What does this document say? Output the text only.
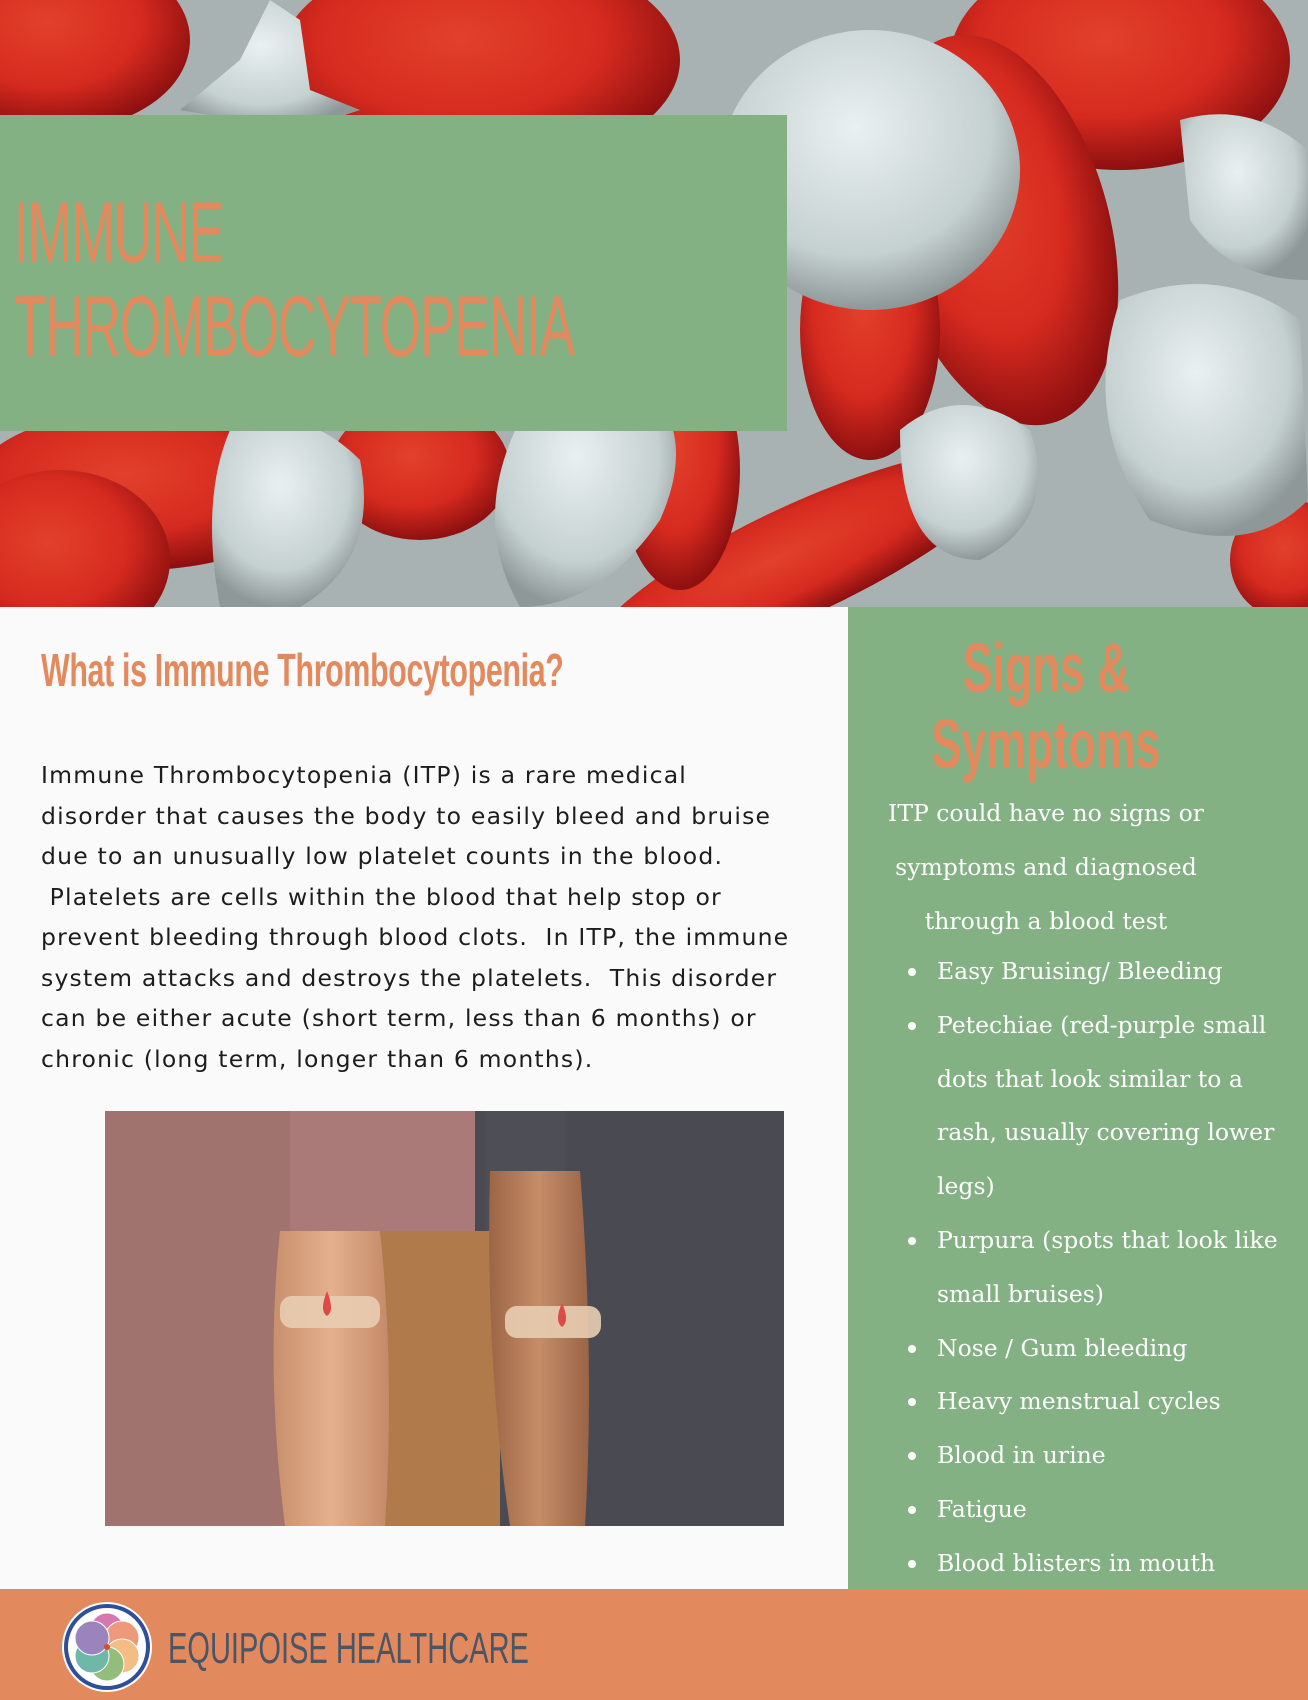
IMMUNE
THROMBOCYTOPENIA
What is Immune Thrombocytopenia?
Immune Thrombocytopenia (ITP) is a rare medical
disorder that causes the body to easily bleed and bruise
due to an unusually low platelet counts in the blood.
Platelets are cells within the blood that help stop or
prevent bleeding through blood clots.  In ITP, the immune
system attacks and destroys the platelets.  This disorder
can be either acute (short term, less than 6 months) or
chronic (long term, longer than 6 months).
Signs &
Symptoms
ITP could have no signs or
symptoms and diagnosed
through a blood test
Easy Bruising/ Bleeding
Petechiae (red-purple small
dots that look similar to a
rash, usually covering lower
legs)
Purpura (spots that look like
small bruises)
Nose / Gum bleeding
Heavy menstrual cycles
Blood in urine
Fatigue
Blood blisters in mouth
EQUIPOISE HEALTHCARE
